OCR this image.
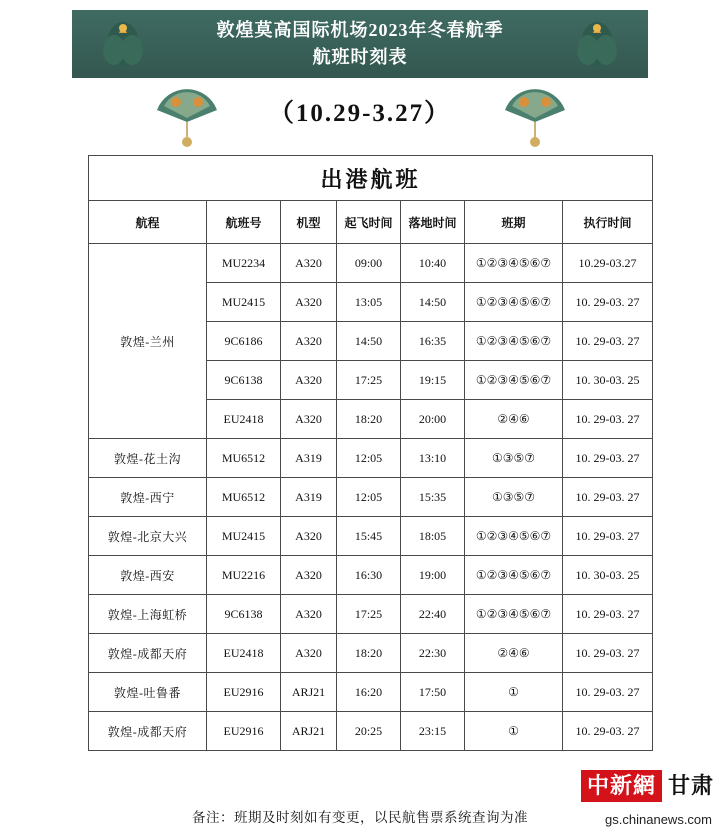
敦煌莫高国际机场2023年冬春航季
航班时刻表
（10.29-3.27）
出港航班						
航程	航班号	机型	起飞时间	落地时间	班期	执行时间
敦煌-兰州	MU2234	A320	09:00	10:40	①②③④⑤⑥⑦	10.29-03.27
	MU2415	A320	13:05	14:50	①②③④⑤⑥⑦	10. 29-03. 27
	9C6186	A320	14:50	16:35	①②③④⑤⑥⑦	10. 29-03. 27
	9C6138	A320	17:25	19:15	①②③④⑤⑥⑦	10. 30-03. 25
	EU2418	A320	18:20	20:00	②④⑥	10. 29-03. 27
敦煌-花土沟	MU6512	A319	12:05	13:10	①③⑤⑦	10. 29-03. 27
敦煌-西宁	MU6512	A319	12:05	15:35	①③⑤⑦	10. 29-03. 27
敦煌-北京大兴	MU2415	A320	15:45	18:05	①②③④⑤⑥⑦	10. 29-03. 27
敦煌-西安	MU2216	A320	16:30	19:00	①②③④⑤⑥⑦	10. 30-03. 25
敦煌-上海虹桥	9C6138	A320	17:25	22:40	①②③④⑤⑥⑦	10. 29-03. 27
敦煌-成都天府	EU2418	A320	18:20	22:30	②④⑥	10. 29-03. 27
敦煌-吐鲁番	EU2916	ARJ21	16:20	17:50	①	10. 29-03. 27
敦煌-成都天府	EU2916	ARJ21	20:25	23:15	①	10. 29-03. 27
备注：班期及时刻如有变更，以民航售票系统查询为准
中新網 甘肃
gs.chinanews.com
